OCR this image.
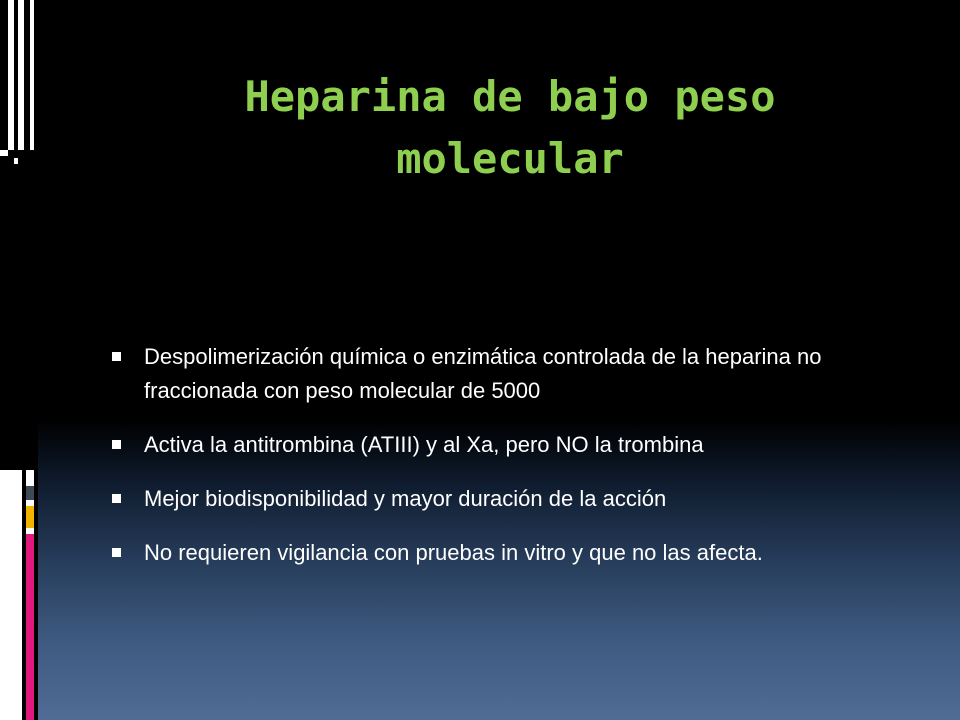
Heparina de bajo peso molecular
Despolimerización química o enzimática controlada de la heparina no fraccionada con peso molecular de 5000
Activa la antitrombina (ATIII) y al Xa, pero NO la trombina
Mejor biodisponibilidad y mayor duración de la acción
No requieren vigilancia con pruebas in vitro y que no las afecta.
